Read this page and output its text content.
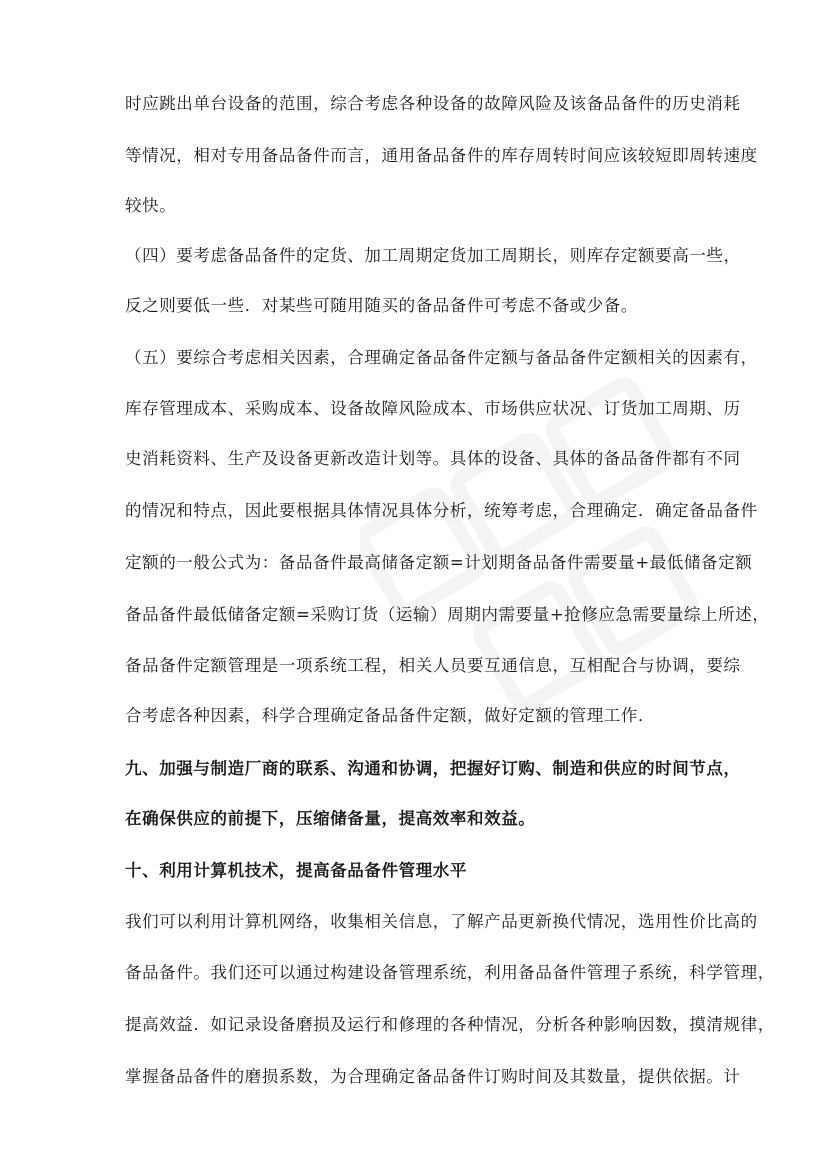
时应跳出单台设备的范围，综合考虑各种设备的故障风险及该备品备件的历史消耗
等情况，相对专用备品备件而言，通用备品备件的库存周转时间应该较短即周转速度
较快。
（四）要考虑备品备件的定货、加工周期定货加工周期长，则库存定额要高一些，
反之则要低一些．对某些可随用随买的备品备件可考虑不备或少备。
（五）要综合考虑相关因素，合理确定备品备件定额与备品备件定额相关的因素有，
库存管理成本、采购成本、设备故障风险成本、市场供应状况、订货加工周期、历
史消耗资料、生产及设备更新改造计划等。具体的设备、具体的备品备件都有不同
的情况和特点，因此要根据具体情况具体分析，统筹考虑，合理确定．确定备品备件
定额的一般公式为：备品备件最高储备定额=计划期备品备件需要量+最低储备定额
备品备件最低储备定额=采购订货（运输）周期内需要量+抢修应急需要量综上所述，
备品备件定额管理是一项系统工程，相关人员要互通信息，互相配合与协调，要综
合考虑各种因素，科学合理确定备品备件定额，做好定额的管理工作．
九、加强与制造厂商的联系、沟通和协调，把握好订购、制造和供应的时间节点，
在确保供应的前提下，压缩储备量，提高效率和效益。
十、利用计算机技术，提高备品备件管理水平
我们可以利用计算机网络，收集相关信息，了解产品更新换代情况，选用性价比高的
备品备件。我们还可以通过构建设备管理系统，利用备品备件管理子系统，科学管理，
提高效益．如记录设备磨损及运行和修理的各种情况，分析各种影响因数，摸清规律，
掌握备品备件的磨损系数，为合理确定备品备件订购时间及其数量，提供依据。计
